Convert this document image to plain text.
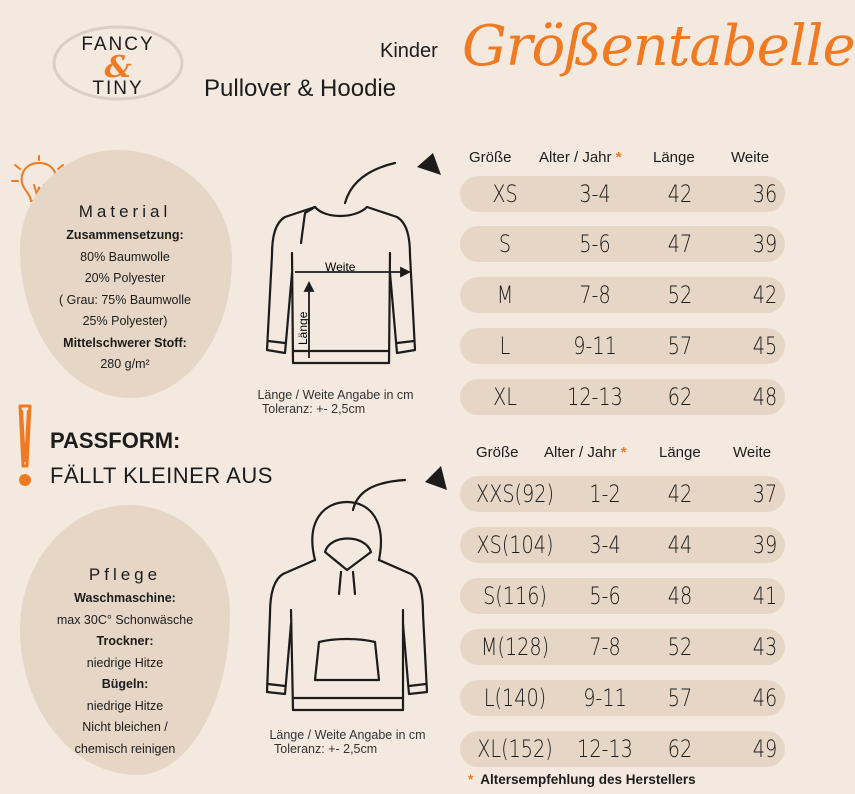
FANCY
&
TINY
Kinder
Pullover & Hoodie
Größentabelle
Material
Zusammensetzung:
80% Baumwolle
20% Polyester
( Grau: 75% Baumwolle
25% Polyester)
Mittelschwerer Stoff:
280 g/m²
PASSFORM:
FÄLLT KLEINER AUS
Pflege
Waschmaschine:
max 30C° Schonwäsche
Trockner:
niedrige Hitze
Bügeln:
niedrige Hitze
Nicht bleichen /
chemisch reinigen
Weite
Länge
Länge / Weite Angabe in cm
Toleranz: +- 2,5cm
Länge / Weite Angabe in cm
Toleranz: +- 2,5cm
Größe Alter / Jahr * Länge Weite
XS	3-4	42	36
S	5-6	47	39
M	7-8	52	42
L	9-11	57	45
XL	12-13	62	48
Größe Alter / Jahr * Länge Weite
XXS(92)	1-2	42	37
XS(104)	3-4	44	39
S(116)	5-6	48	41
M(128)	7-8	52	43
L(140)	9-11	57	46
XL(152) 12-13	62	49
* Altersempfehlung des Herstellers
